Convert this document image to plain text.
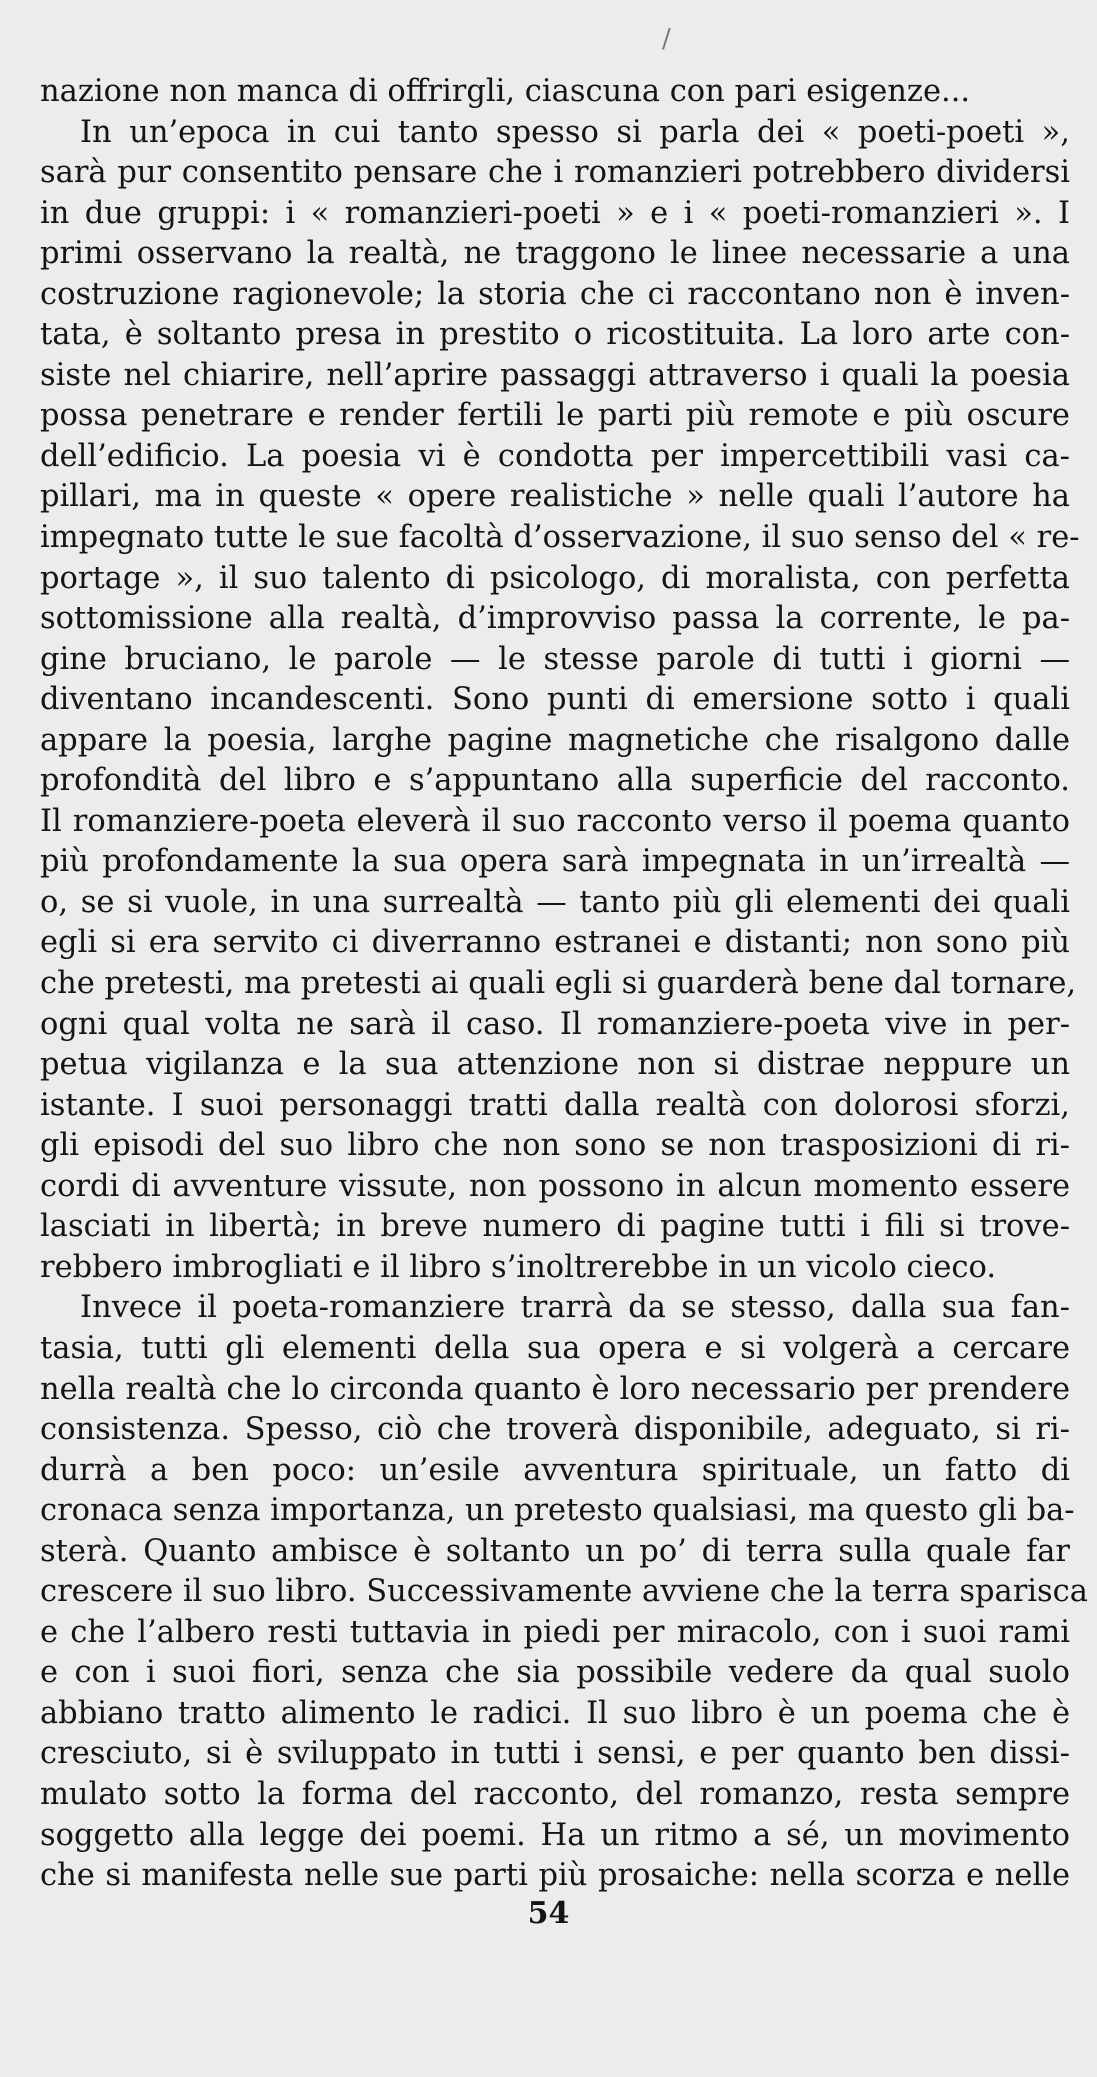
/
nazione non manca di offrirgli, ciascuna con pari esigenze...
In un’epoca in cui tanto spesso si parla dei « poeti-poeti »,
sarà pur consentito pensare che i romanzieri potrebbero dividersi
in due gruppi: i « romanzieri-poeti » e i « poeti-romanzieri ». I
primi osservano la realtà, ne traggono le linee necessarie a una
costruzione ragionevole; la storia che ci raccontano non è inven-
tata, è soltanto presa in prestito o ricostituita. La loro arte con-
siste nel chiarire, nell’aprire passaggi attraverso i quali la poesia
possa penetrare e render fertili le parti più remote e più oscure
dell’edificio. La poesia vi è condotta per impercettibili vasi ca-
pillari, ma in queste « opere realistiche » nelle quali l’autore ha
impegnato tutte le sue facoltà d’osservazione, il suo senso del « re-
portage », il suo talento di psicologo, di moralista, con perfetta
sottomissione alla realtà, d’improvviso passa la corrente, le pa-
gine bruciano, le parole — le stesse parole di tutti i giorni —
diventano incandescenti. Sono punti di emersione sotto i quali
appare la poesia, larghe pagine magnetiche che risalgono dalle
profondità del libro e s’appuntano alla superficie del racconto.
Il romanziere-poeta eleverà il suo racconto verso il poema quanto
più profondamente la sua opera sarà impegnata in un’irrealtà —
o, se si vuole, in una surrealtà — tanto più gli elementi dei quali
egli si era servito ci diverranno estranei e distanti; non sono più
che pretesti, ma pretesti ai quali egli si guarderà bene dal tornare,
ogni qual volta ne sarà il caso. Il romanziere-poeta vive in per-
petua vigilanza e la sua attenzione non si distrae neppure un
istante. I suoi personaggi tratti dalla realtà con dolorosi sforzi,
gli episodi del suo libro che non sono se non trasposizioni di ri-
cordi di avventure vissute, non possono in alcun momento essere
lasciati in libertà; in breve numero di pagine tutti i fili si trove-
rebbero imbrogliati e il libro s’inoltrerebbe in un vicolo cieco.
Invece il poeta-romanziere trarrà da se stesso, dalla sua fan-
tasia, tutti gli elementi della sua opera e si volgerà a cercare
nella realtà che lo circonda quanto è loro necessario per prendere
consistenza. Spesso, ciò che troverà disponibile, adeguato, si ri-
durrà a ben poco: un’esile avventura spirituale, un fatto di
cronaca senza importanza, un pretesto qualsiasi, ma questo gli ba-
sterà. Quanto ambisce è soltanto un po’ di terra sulla quale far
crescere il suo libro. Successivamente avviene che la terra sparisca
e che l’albero resti tuttavia in piedi per miracolo, con i suoi rami
e con i suoi fiori, senza che sia possibile vedere da qual suolo
abbiano tratto alimento le radici. Il suo libro è un poema che è
cresciuto, si è sviluppato in tutti i sensi, e per quanto ben dissi-
mulato sotto la forma del racconto, del romanzo, resta sempre
soggetto alla legge dei poemi. Ha un ritmo a sé, un movimento
che si manifesta nelle sue parti più prosaiche: nella scorza e nelle
54
